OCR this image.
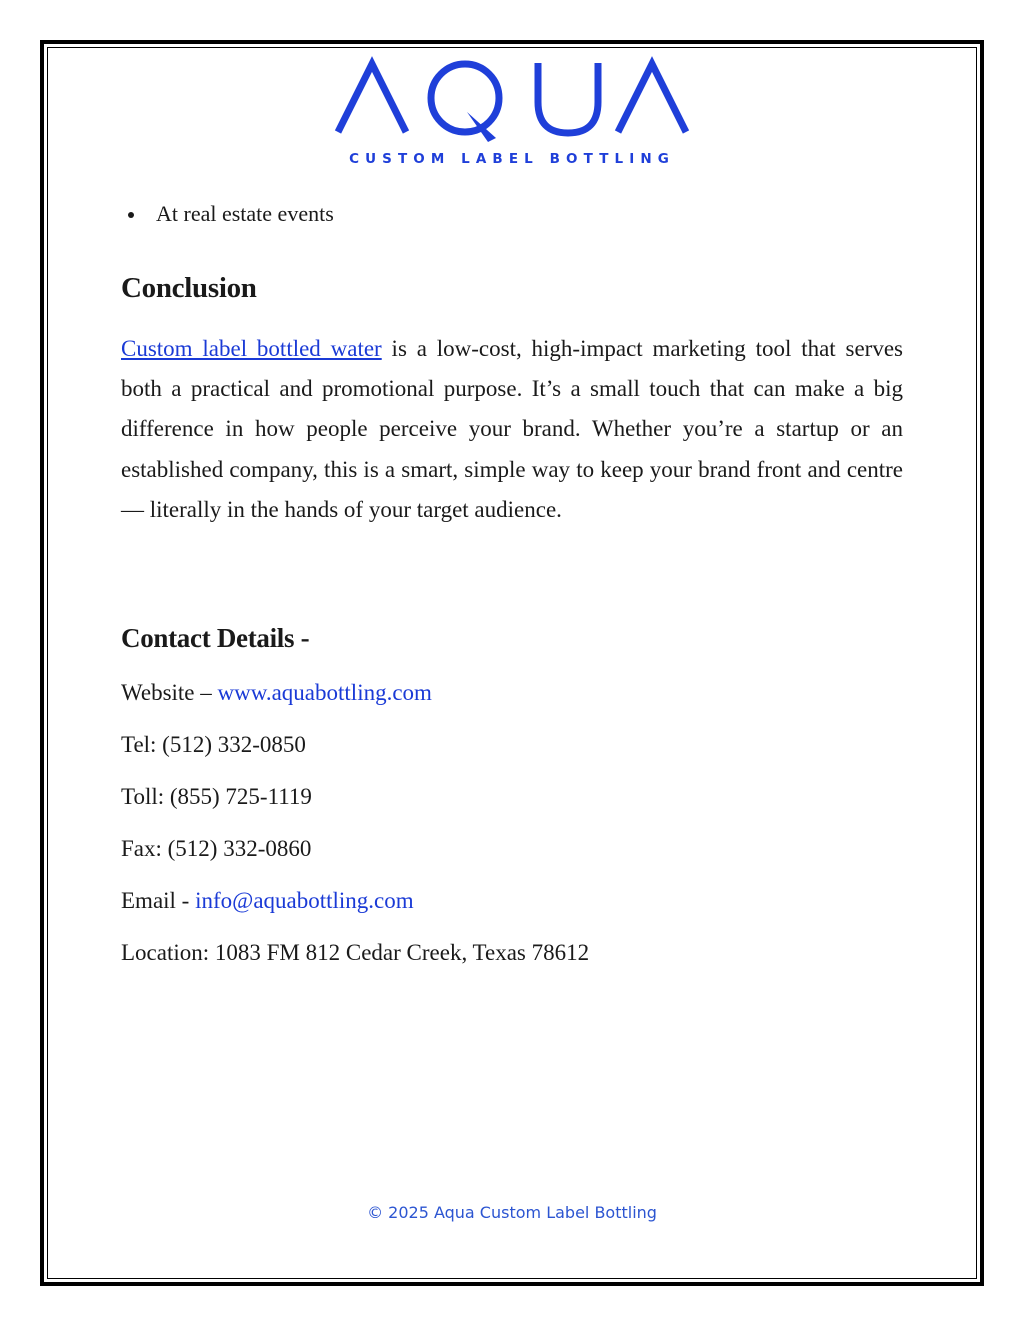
CUSTOM LABEL BOTTLING
At real estate events
Conclusion

Custom label bottled water is a low-cost, high-impact marketing tool that serves both a practical and promotional purpose. It’s a small touch that can make a big difference in how people perceive your brand. Whether you’re a startup or an established company, this is a smart, simple way to keep your brand front and centre — literally in the hands of your target audience.

Contact Details -
Website – www.aquabottling.com
Tel: (512) 332-0850
Toll: (855) 725-1119
Fax: (512) 332-0860
Email - info@aquabottling.com
Location: 1083 FM 812 Cedar Creek, Texas 78612
© 2025 Aqua Custom Label Bottling
